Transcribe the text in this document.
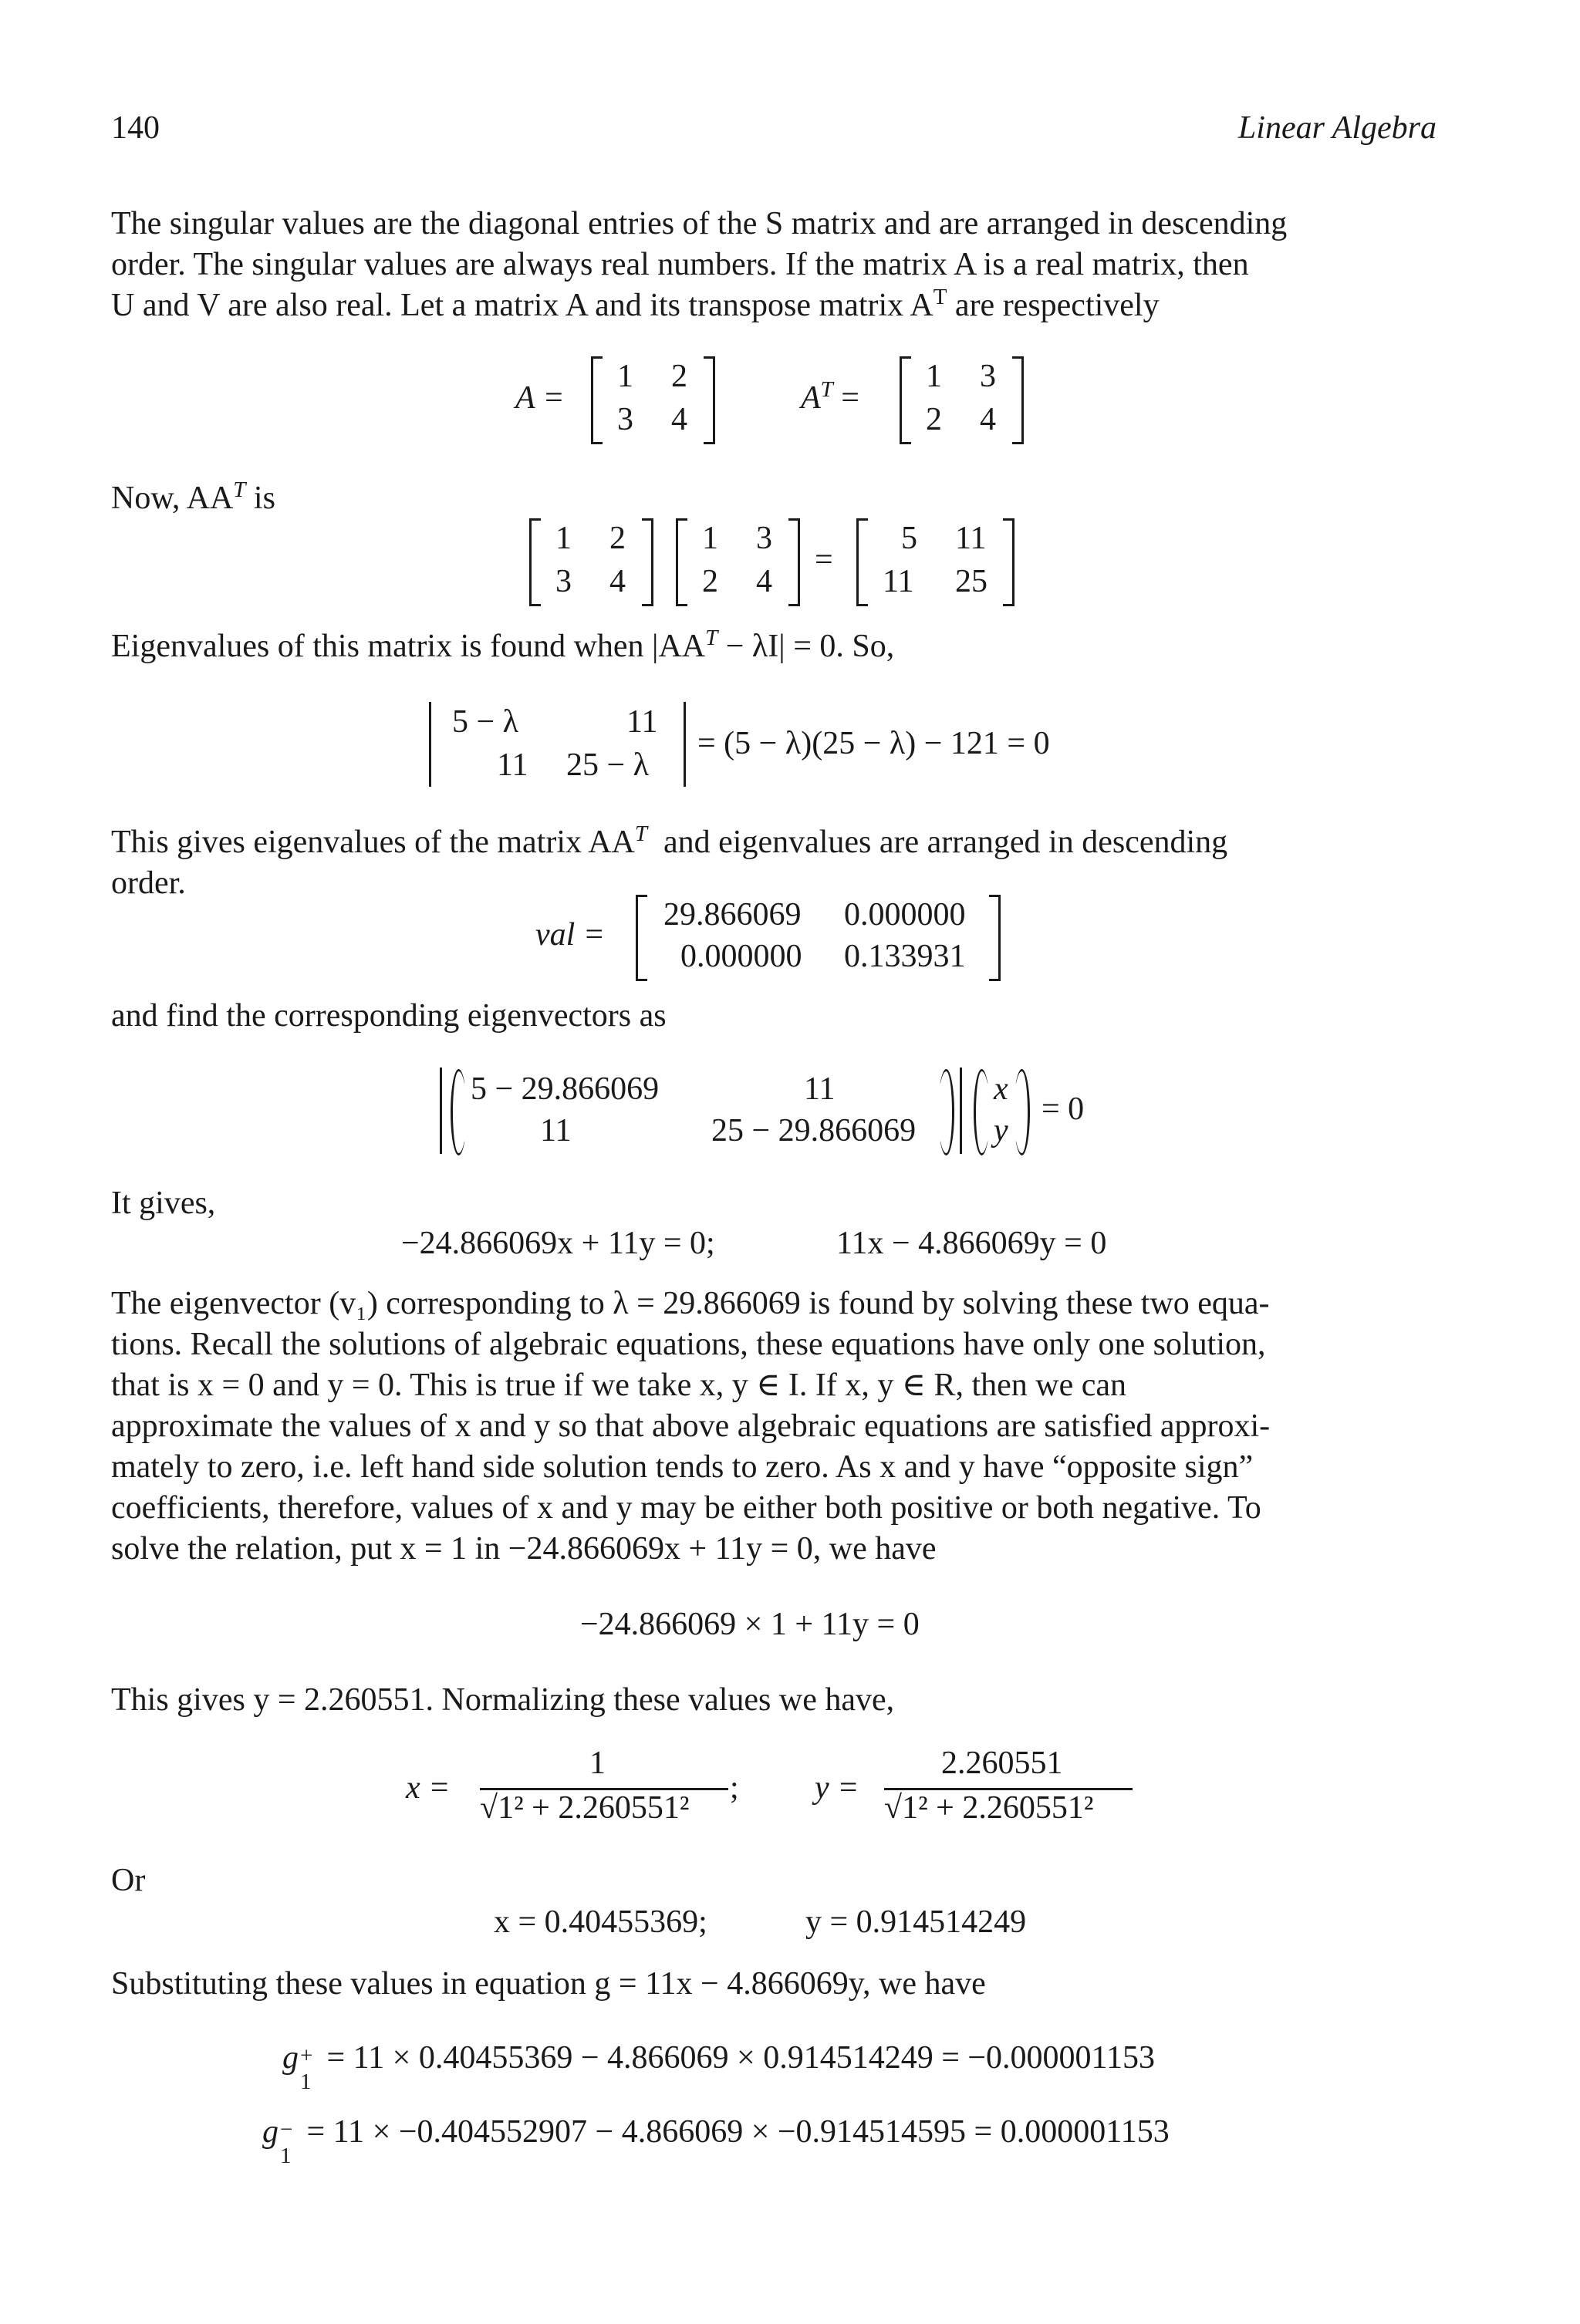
140	Linear Algebra
The singular values are the diagonal entries of the S matrix and are arranged in descending
order. The singular values are always real numbers. If the matrix A is a real matrix, then
U and V are also real. Let a matrix A and its transpose matrix $A^T$ are respectively
A =
1 2
3 4
$A^T$ =
1 3
2 4
Now, $AA^T$ is
1 2
3 4
1 3
2 4
=
5 11
11 25
Eigenvalues of this matrix is found when $|AA^T - \lambda I| = 0$. So,
5 − λ	11
11 25 − λ
= (5 − λ)(25 − λ) − 121 = 0
This gives eigenvalues of the matrix $AA^T$ and eigenvalues are arranged in descending
order.
val =
29.866069 0.000000
0.000000 0.133931
and find the corresponding eigenvectors as
5 − 29.866069	11
11	25 − 29.866069
x
y
= 0
It gives,
−24.866069x + 11y = 0;	11x − 4.866069y = 0
The eigenvector (v₁) corresponding to λ = 29.866069 is found by solving these two equa-
tions. Recall the solutions of algebraic equations, these equations have only one solution,
that is x = 0 and y = 0. This is true if we take x, y ∈ I. If x, y ∈ R, then we can
approximate the values of x and y so that above algebraic equations are satisfied approxi-
mately to zero, i.e. left hand side solution tends to zero. As x and y have “opposite sign”
coefficients, therefore, values of x and y may be either both positive or both negative. To
solve the relation, put x = 1 in −24.866069x + 11y = 0, we have
−24.866069 × 1 + 11y = 0
This gives y = 2.260551. Normalizing these values we have,
x =
1
√1² + 2.260551²
; y =
2.260551
√1² + 2.260551²
Or
x = 0.40455369;	y = 0.914514249
Substituting these values in equation g = 11x − 4.866069y, we have
g +
1
= 11 × 0.40455369 − 4.866069 × 0.914514249 = −0.000001153
g −
1
= 11 × −0.404552907 − 4.866069 × −0.914514595 = 0.000001153
